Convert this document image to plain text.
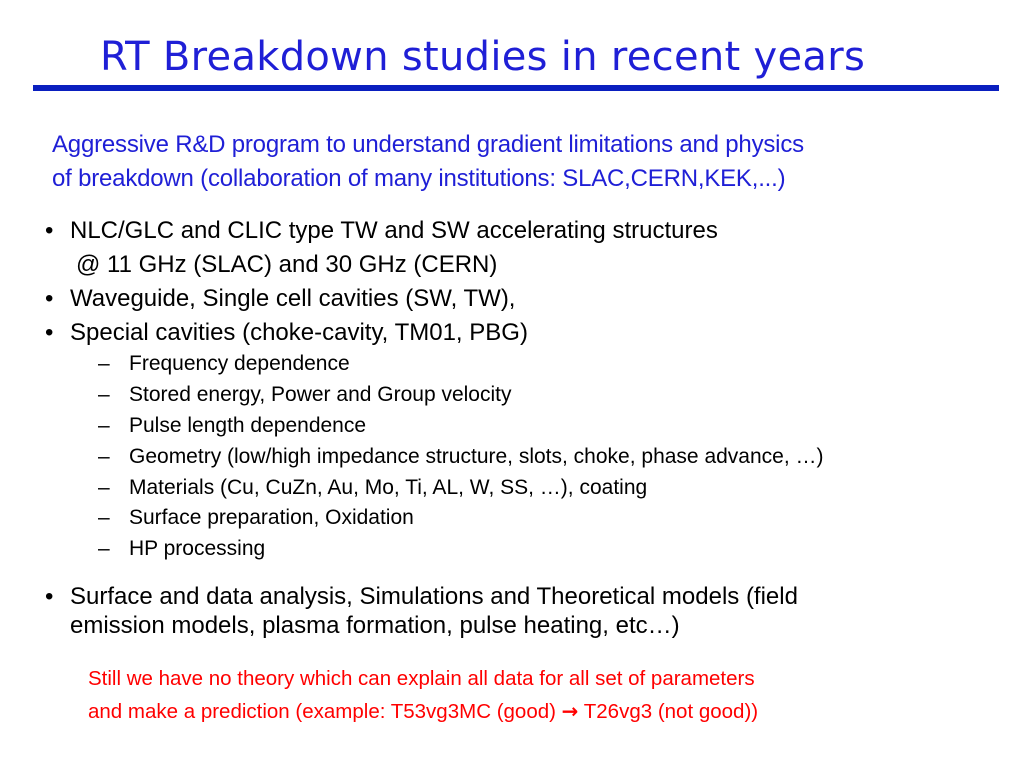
RT Breakdown studies in recent years
Aggressive R&D program to understand gradient limitations and physics
of breakdown (collaboration of many institutions: SLAC,CERN,KEK,...)
• NLC/GLC and CLIC type TW and SW accelerating structures
@ 11 GHz (SLAC) and 30 GHz (CERN)
• Waveguide, Single cell cavities (SW, TW),
• Special cavities (choke-cavity, TM01, PBG)
– Frequency dependence
– Stored energy, Power and Group velocity
– Pulse length dependence
– Geometry (low/high impedance structure, slots, choke, phase advance, …)
– Materials (Cu, CuZn, Au, Mo, Ti, AL, W, SS, …), coating
– Surface preparation, Oxidation
– HP processing
• Surface and data analysis, Simulations and Theoretical models (field
emission models, plasma formation, pulse heating, etc…)
Still we have no theory which can explain all data for all set of parameters
and make a prediction (example: T53vg3MC (good) → T26vg3 (not good))
